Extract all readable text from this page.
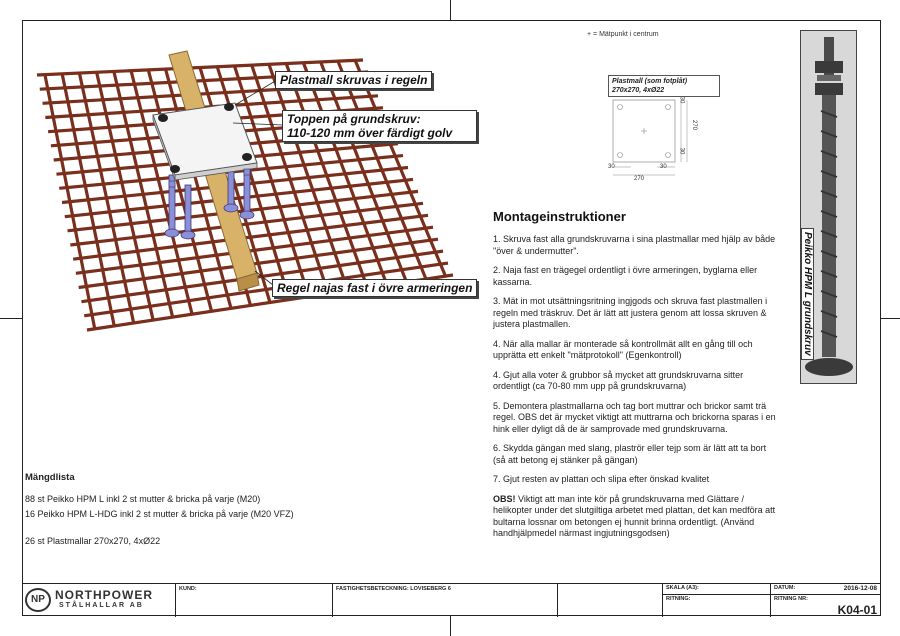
Plastmall skruvas i regeln
Toppen på grundskruv:
110-120 mm över färdigt golv
Regel najas fast i övre armeringen
+ = Mätpunkt i centrum
Plastmall (som fotplåt)
270x270, 4xØ22
30	30
270
30
270
30
Peikko HPM L grundskruv
Montageinstruktioner

1. Skruva fast alla grundskruvarna i sina plastmallar med hjälp av både "över & undermutter".

2. Naja fast en trägegel ordentligt i övre armeringen, byglarna eller kassarna.

3. Mät in mot utsättningsritning ingjgods och skruva fast plastmallen i regeln med träskruv. Det är lätt att justera genom att lossa skruven & justera plastmallen.

4. När alla mallar är monterade så kontrollmät allt en gång till och upprätta ett enkelt "mätprotokoll" (Egenkontroll)

4. Gjut alla voter & grubbor så mycket att grundskruvarna sitter ordentligt (ca 70-80 mm upp på grundskruvarna)

5. Demontera plastmallarna och tag bort muttrar och brickor samt trä regel. OBS det är mycket viktigt att muttrarna och brickorna sparas i en hink eller dyligt då de är samprovade med grundskruvarna.

6. Skydda gängan med slang, plaströr eller tejp som är lätt att ta bort (så att betong ej stänker på gängan)

7. Gjut resten av plattan och slipa efter önskad kvalitet

OBS! Viktigt att man inte kör på grundskruvarna med Glättare / helikopter under det slutgiltiga arbetet med plattan, det kan medföra att bultarna lossnar om betongen ej hunnit brinna ordentligt. (Använd handhjälpmedel närmast ingjutningsgodsen)

Mängdlista
88 st Peikko HPM L inkl 2 st mutter & bricka på varje (M20)
16 Peikko HPM L-HDG inkl 2 st mutter & bricka på varje (M20 VFZ)
26 st Plastmallar 270x270, 4xØ22
KUND:	FASTIGHETSBETECKNING: LOVISEBERG 6	SKALA (A3):
RITNING:
DATUM:	2016-12-08
RITNING NR:
K04-01
NP NORTHPOWER
STÅLHALLAR AB
